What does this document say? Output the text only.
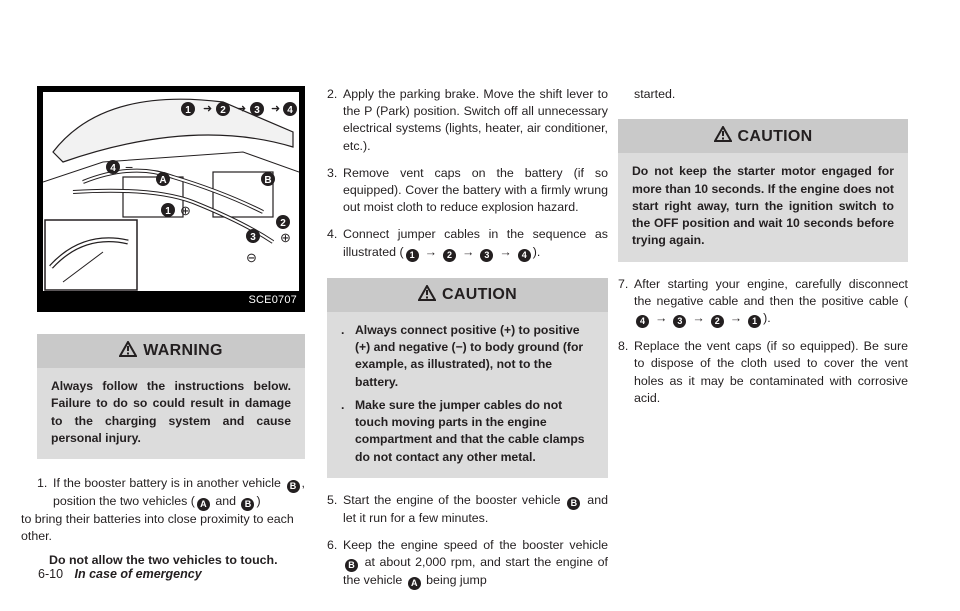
1 ➜ 2 ➜ 3 ➜ 4
4 −
A
1 ⊕
B
2
3 ⊕
⊖
SCE0707
WARNING
Always follow the instructions below. Failure to do so could result in damage to the charging system and cause personal injury.
1. If the booster battery is in another vehicle B , position the two vehicles ( A and B )
to bring their batteries into close proximity to each other.
Do not allow the two vehicles to touch.
2. Apply the parking brake. Move the shift lever to the P (Park) position. Switch off all unnecessary electrical systems (lights, heater, air conditioner, etc.).
3. Remove vent caps on the battery (if so equipped). Cover the battery with a firmly wrung out moist cloth to reduce explosion hazard.
4. Connect jumper cables in the sequence as illustrated ( 1 → 2 → 3 → 4 ).
CAUTION
. Always connect positive (+) to positive (+) and negative (−) to body ground (for example, as illustrated), not to the battery.
. Make sure the jumper cables do not touch moving parts in the engine compartment and that the cable clamps do not contact any other metal.
5. Start the engine of the booster vehicle B and let it run for a few minutes.
6. Keep the engine speed of the booster vehicle B at about 2,000 rpm, and start the engine of the vehicle A being jump
started.
CAUTION
Do not keep the starter motor engaged for more than 10 seconds. If the engine does not start right away, turn the ignition switch to the OFF position and wait 10 seconds before trying again.
7. After starting your engine, carefully disconnect the negative cable and then the positive cable (4 → 3 → 2 → 1 ).
8. Replace the vent caps (if so equipped). Be sure to dispose of the cloth used to cover the vent holes as it may be contaminated with corrosive acid.
6-10 In case of emergency
